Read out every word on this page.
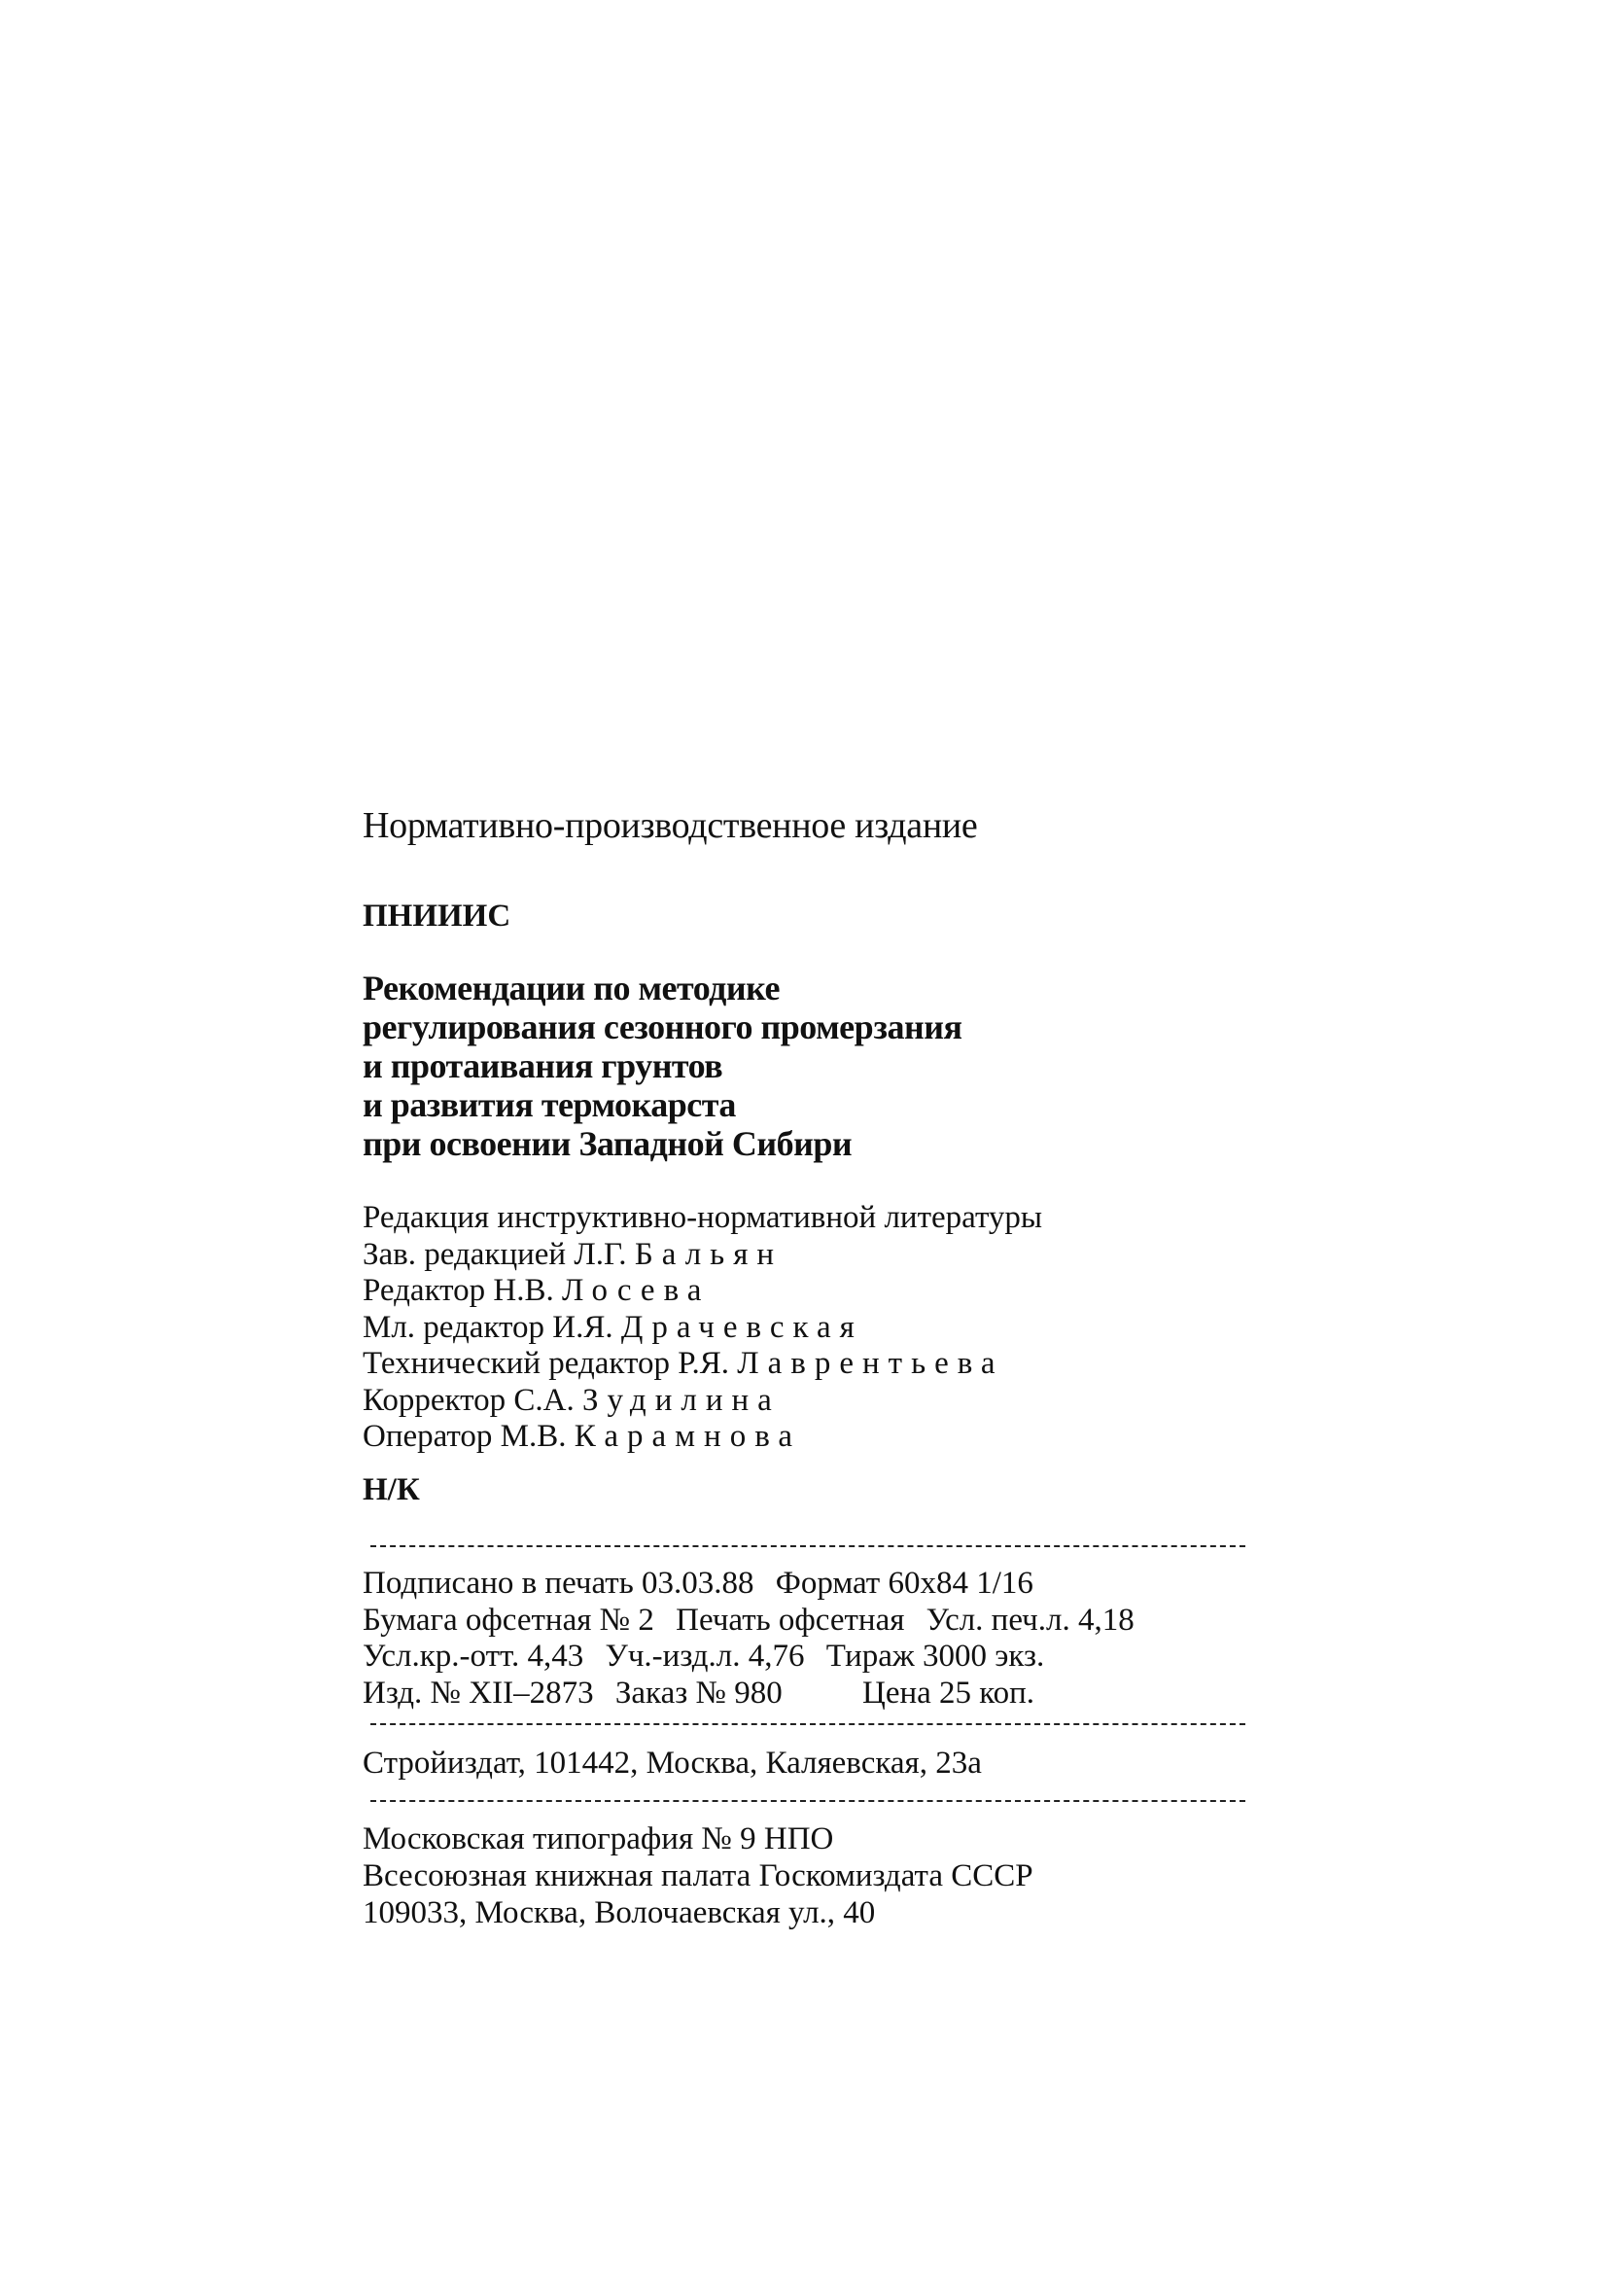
Нормативно-производственное издание
ПНИИИС
Рекомендации по методике
регулирования сезонного промерзания
и протаивания грунтов
и развития термокарста
при освоении Западной Сибири
Редакция инструктивно-нормативной литературы
Зав. редакцией Л.Г. Бальян
Редактор Н.В. Лосева
Мл. редактор И.Я. Драчевская
Технический редактор Р.Я. Лаврентьева
Корректор С.А. Зудилина
Оператор М.В. Карамнова
Н/К
Подписано в печать 03.03.88 Формат 60х84 1/16
Бумага офсетная № 2 Печать офсетная Усл. печ.л. 4,18
Усл.кр.-отт. 4,43 Уч.-изд.л. 4,76 Тираж 3000 экз.
Изд. № XII–2873 Заказ № 980 Цена 25 коп.
Стройиздат, 101442, Москва, Каляевская, 23а
Московская типография № 9 НПО
Всесоюзная книжная палата Госкомиздата СССР
109033, Москва, Волочаевская ул., 40
